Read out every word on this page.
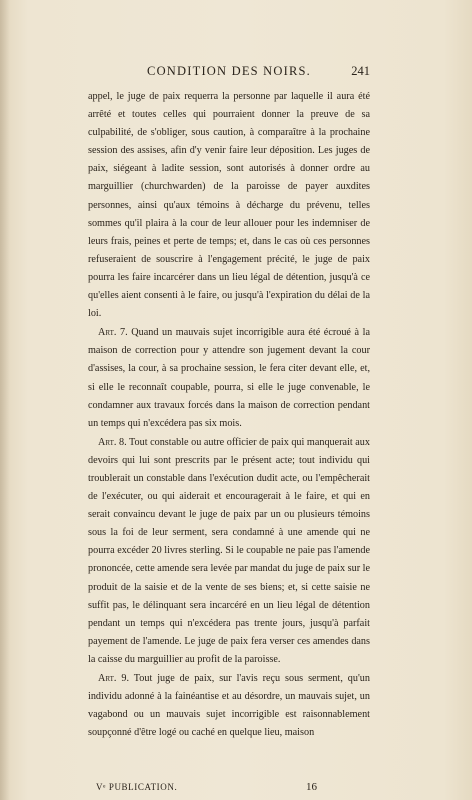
CONDITION DES NOIRS.	241

appel, le juge de paix requerra la personne par laquelle il aura été arrêté et toutes celles qui pourraient donner la preuve de sa culpabilité, de s'obliger, sous caution, à comparaître à la prochaine session des assises, afin d'y venir faire leur déposition. Les juges de paix, siégeant à ladite session, sont autorisés à donner ordre au marguillier (churchwarden) de la paroisse de payer auxdites personnes, ainsi qu'aux témoins à décharge du prévenu, telles sommes qu'il plaira à la cour de leur allouer pour les indemniser de leurs frais, peines et perte de temps; et, dans le cas où ces personnes refuseraient de souscrire à l'engagement précité, le juge de paix pourra les faire incarcérer dans un lieu légal de détention, jusqu'à ce qu'elles aient consenti à le faire, ou jusqu'à l'expiration du délai de la loi.

Art. 7. Quand un mauvais sujet incorrigible aura été écroué à la maison de correction pour y attendre son jugement devant la cour d'assises, la cour, à sa prochaine session, le fera citer devant elle, et, si elle le reconnaît coupable, pourra, si elle le juge convenable, le condamner aux travaux forcés dans la maison de correction pendant un temps qui n'excédera pas six mois.

Art. 8. Tout constable ou autre officier de paix qui manquerait aux devoirs qui lui sont prescrits par le présent acte; tout individu qui troublerait un constable dans l'exécution dudit acte, ou l'empêcherait de l'exécuter, ou qui aiderait et encouragerait à le faire, et qui en serait convaincu devant le juge de paix par un ou plusieurs témoins sous la foi de leur serment, sera condamné à une amende qui ne pourra excéder 20 livres sterling. Si le coupable ne paie pas l'amende prononcée, cette amende sera levée par mandat du juge de paix sur le produit de la saisie et de la vente de ses biens; et, si cette saisie ne suffit pas, le délinquant sera incarcéré en un lieu légal de détention pendant un temps qui n'excédera pas trente jours, jusqu'à parfait payement de l'amende. Le juge de paix fera verser ces amendes dans la caisse du marguillier au profit de la paroisse.

Art. 9. Tout juge de paix, sur l'avis reçu sous serment, qu'un individu adonné à la fainéantise et au désordre, un mauvais sujet, un vagabond ou un mauvais sujet incorrigible est raisonnablement soupçonné d'être logé ou caché en quelque lieu, maison

Vᵉ PUBLICATION.	16
